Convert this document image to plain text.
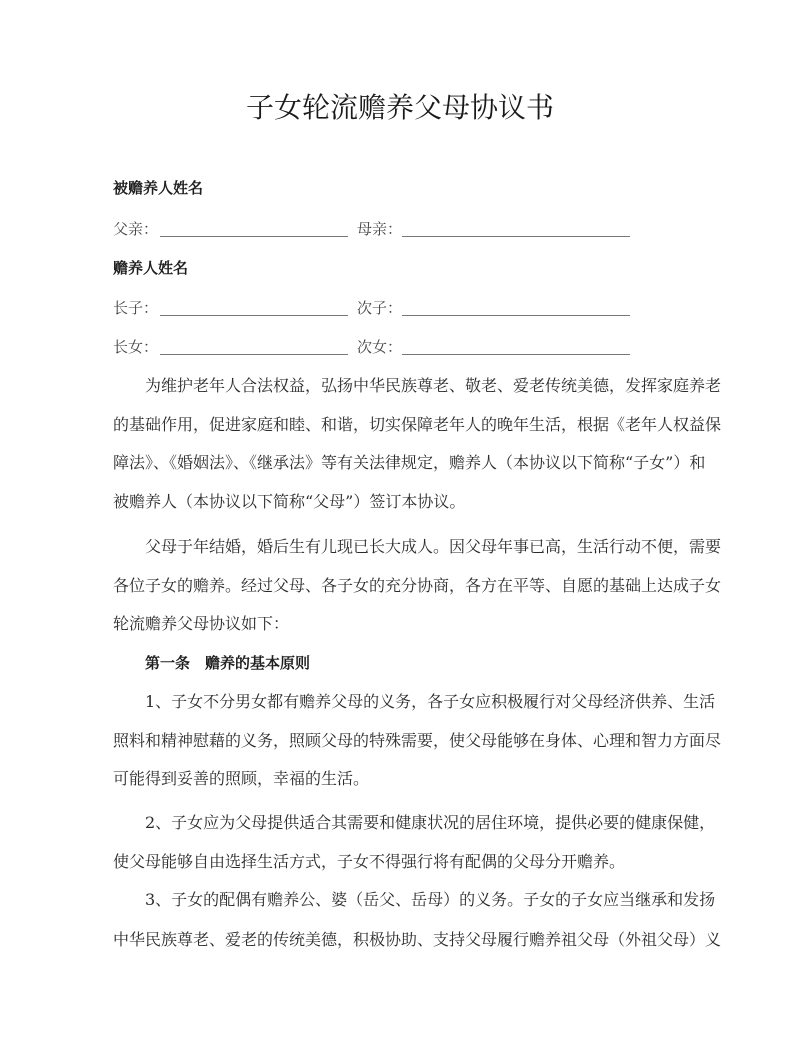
子女轮流赡养父母协议书
被赡养人姓名
父亲：	母亲：
赡养人姓名
长子：	次子：
长女：	次女：
为维护老年人合法权益，弘扬中华民族尊老、敬老、爱老传统美德，发挥家庭养老
的基础作用，促进家庭和睦、和谐，切实保障老年人的晚年生活，根据《老年人权益保
障法》、《婚姻法》、《继承法》等有关法律规定，赡养人（本协议以下简称“子女”）和
被赡养人（本协议以下简称“父母”）签订本协议。
父母于年结婚，婚后生有儿现已长大成人。因父母年事已高，生活行动不便，需要
各位子女的赡养。经过父母、各子女的充分协商，各方在平等、自愿的基础上达成子女
轮流赡养父母协议如下：
第一条　赡养的基本原则
1、子女不分男女都有赡养父母的义务，各子女应积极履行对父母经济供养、生活
照料和精神慰藉的义务，照顾父母的特殊需要，使父母能够在身体、心理和智力方面尽
可能得到妥善的照顾，幸福的生活。
2、子女应为父母提供适合其需要和健康状况的居住环境，提供必要的健康保健，
使父母能够自由选择生活方式，子女不得强行将有配偶的父母分开赡养。
3、子女的配偶有赡养公、婆（岳父、岳母）的义务。子女的子女应当继承和发扬
中华民族尊老、爱老的传统美德，积极协助、支持父母履行赡养祖父母（外祖父母）义
